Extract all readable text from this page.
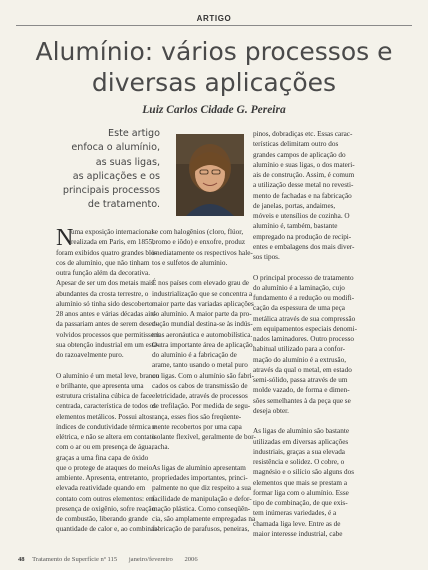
ARTIGO
Alumínio: vários processos e
diversas aplicações
Luiz Carlos Cidade G. Pereira
Este artigo
enfoca o alumínio,
as suas ligas,
as aplicações e os
principais processos
de tratamento.
N
uma exposição internacional
realizada em Paris, em 1855,
foram exibidos quatro grandes blo-
cos de alumínio, que não tinham
outra função além da decorativa.
Apesar de ser um dos metais mais
abundantes da crosta terrestre, o
alumínio só tinha sido descoberto
28 anos antes e várias décadas ain-
da passariam antes de serem desen-
volvidos processos que permitissem
sua obtenção industrial em um esta-
do razoavelmente puro.
O alumínio é um metal leve, branco
e brilhante, que apresenta uma
estrutura cristalina cúbica de face
centrada, característica de todos os
elementos metálicos. Possui altos
índices de condutividade térmica e
elétrica, e não se altera em contato
com o ar ou em presença de água,
graças a uma fina capa de óxido
que o protege de ataques do meio
ambiente. Apresenta, entretanto,
elevada reatividade quando em
contato com outros elementos: em
presença de oxigênio, sofre reação
de combustão, liberando grande
quantidade de calor e, ao combinar-
se com halogênios (cloro, flúor,
bromo e iôdo) e enxofre, produz
imediatamente os respectivos hale-
tos e sulfetos de alumínio.
É nos países com elevado grau de
industrialização que se concentra a
maior parte das variadas aplicações
do alumínio. A maior parte da pro-
dução mundial destina-se às indús-
trias aeronáutica e automobilística.
Outra importante área de aplicação
do alumínio é a fabricação de
arame, tanto usando o metal puro
ou ligas. Com o alumínio são fabri-
cados os cabos de transmissão de
eletricidade, através de processos
de trefilação. Por medida de segu-
rança, esses fios são freqüente-
mente recobertos por uma capa
isolante flexível, geralmente de bor-
racha.
As ligas de alumínio apresentam
propriedades importantes, princi-
palmente no que diz respeito a sua
facilidade de manipulação e defor-
mação plástica. Como conseqüên-
cia, são amplamente empregadas na
fabricação de parafusos, peneiras,
pinos, dobradiças etc. Essas carac-
terísticas delimitam outro dos
grandes campos de aplicação do
alumínio e suas ligas, o dos materi-
ais de construção. Assim, é comum
a utilização desse metal no revesti-
mento de fachadas e na fabricação
de janelas, portas, andaimes,
móveis e utensílios de cozinha. O
alumínio é, também, bastante
empregado na produção de recipi-
entes e embalagens dos mais diver-
sos tipos.
O principal processo de tratamento
do alumínio é a laminação, cujo
fundamento é a redução ou modifi-
cação da espessura de uma peça
metálica através de sua compressão
em equipamentos especiais denomi-
nados laminadores. Outro processo
habitual utilizado para a confor-
mação do alumínio é a extrusão,
através da qual o metal, em estado
semi-sólido, passa através de um
molde vazado, de forma e dimen-
sões semelhantes à da peça que se
deseja obter.
As ligas de alumínio são bastante
utilizadas em diversas aplicações
industriais, graças a sua elevada
resistência e solidez. O cobre, o
magnésio e o silício são alguns dos
elementos que mais se prestam a
formar liga com o alumínio. Esse
tipo de combinação, de que exis-
tem inúmeras variedades, é a
chamada liga leve. Entre as de
maior interesse industrial, cabe
48 Tratamento de Superfície nº 115 janeiro/fevereiro 2006
